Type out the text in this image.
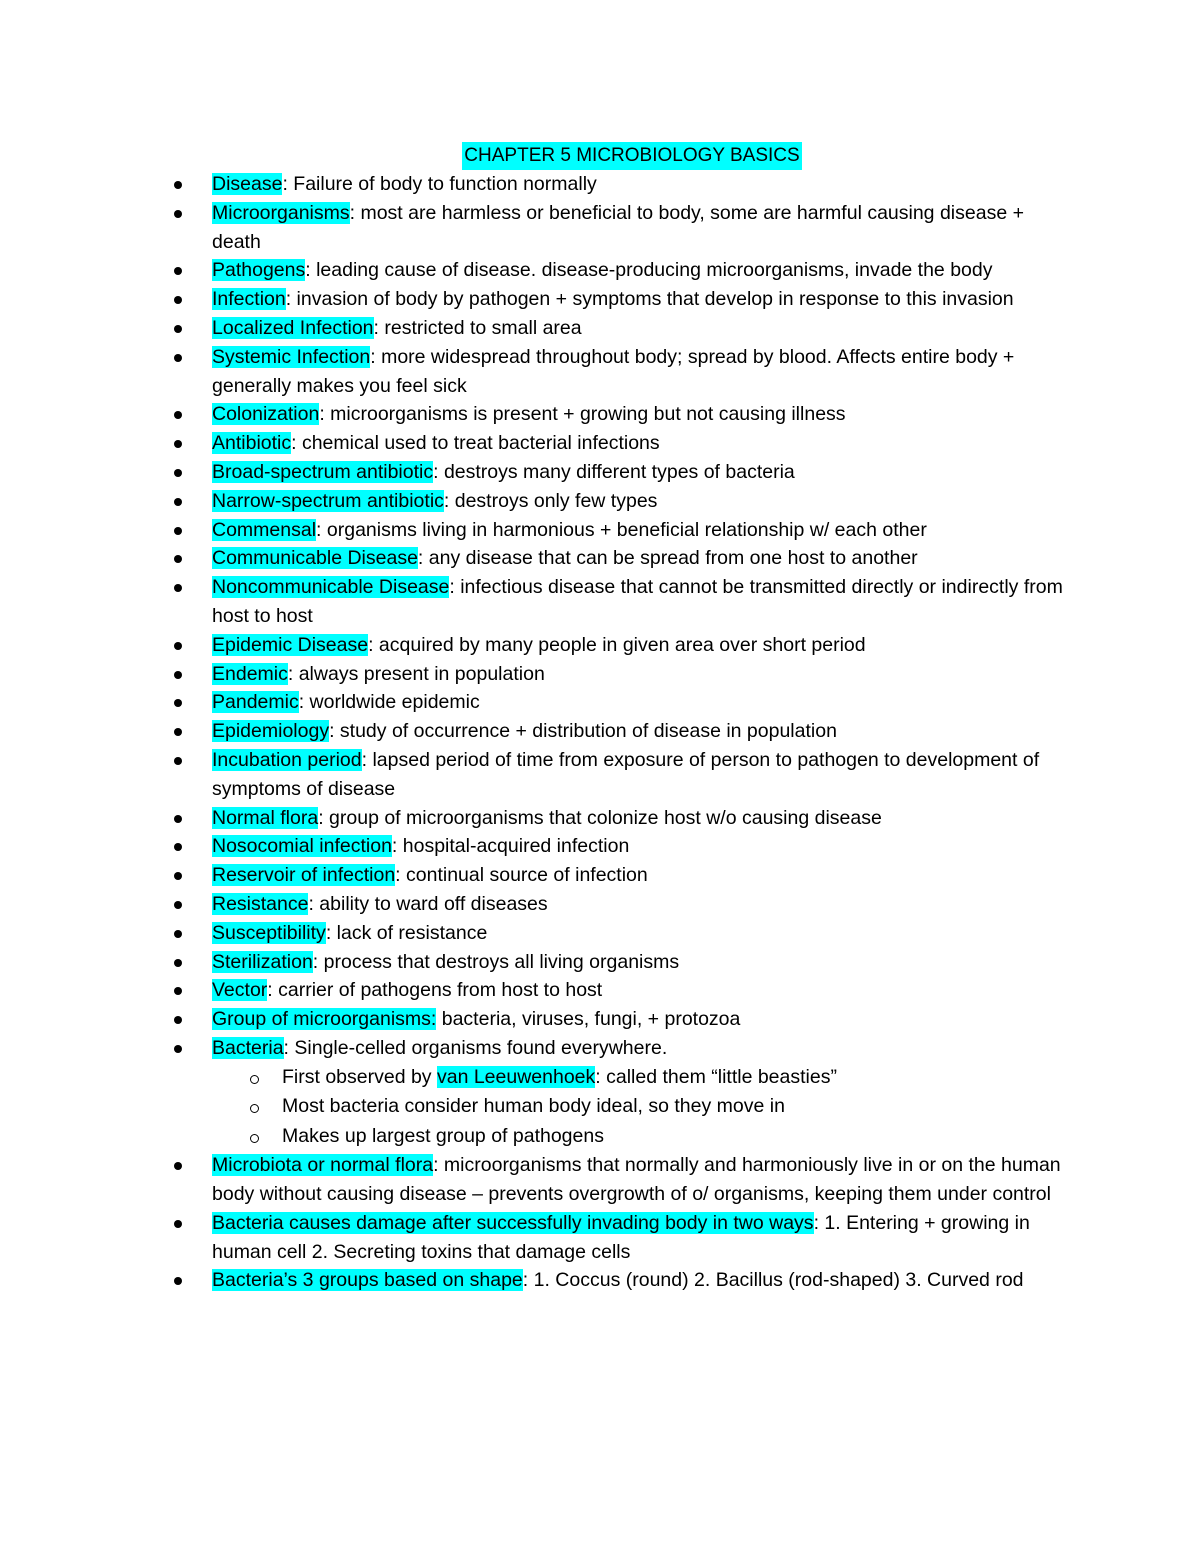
CHAPTER 5 MICROBIOLOGY BASICS
Disease: Failure of body to function normally
Microorganisms: most are harmless or beneficial to body, some are harmful causing disease + death
Pathogens: leading cause of disease. disease-producing microorganisms, invade the body
Infection: invasion of body by pathogen + symptoms that develop in response to this invasion
Localized Infection: restricted to small area
Systemic Infection: more widespread throughout body; spread by blood. Affects entire body + generally makes you feel sick
Colonization: microorganisms is present + growing but not causing illness
Antibiotic: chemical used to treat bacterial infections
Broad-spectrum antibiotic: destroys many different types of bacteria
Narrow-spectrum antibiotic: destroys only few types
Commensal: organisms living in harmonious + beneficial relationship w/ each other
Communicable Disease: any disease that can be spread from one host to another
Noncommunicable Disease: infectious disease that cannot be transmitted directly or indirectly from host to host
Epidemic Disease: acquired by many people in given area over short period
Endemic: always present in population
Pandemic: worldwide epidemic
Epidemiology: study of occurrence + distribution of disease in population
Incubation period: lapsed period of time from exposure of person to pathogen to development of symptoms of disease
Normal flora: group of microorganisms that colonize host w/o causing disease
Nosocomial infection: hospital-acquired infection
Reservoir of infection: continual source of infection
Resistance: ability to ward off diseases
Susceptibility: lack of resistance
Sterilization: process that destroys all living organisms
Vector: carrier of pathogens from host to host
Group of microorganisms: bacteria, viruses, fungi, + protozoa
Bacteria: Single-celled organisms found everywhere.
First observed by van Leeuwenhoek: called them “little beasties”
Most bacteria consider human body ideal, so they move in
Makes up largest group of pathogens
Microbiota or normal flora: microorganisms that normally and harmoniously live in or on the human body without causing disease – prevents overgrowth of o/ organisms, keeping them under control
Bacteria causes damage after successfully invading body in two ways: 1. Entering + growing in human cell 2. Secreting toxins that damage cells
Bacteria’s 3 groups based on shape: 1. Coccus (round) 2. Bacillus (rod-shaped) 3. Curved rod
